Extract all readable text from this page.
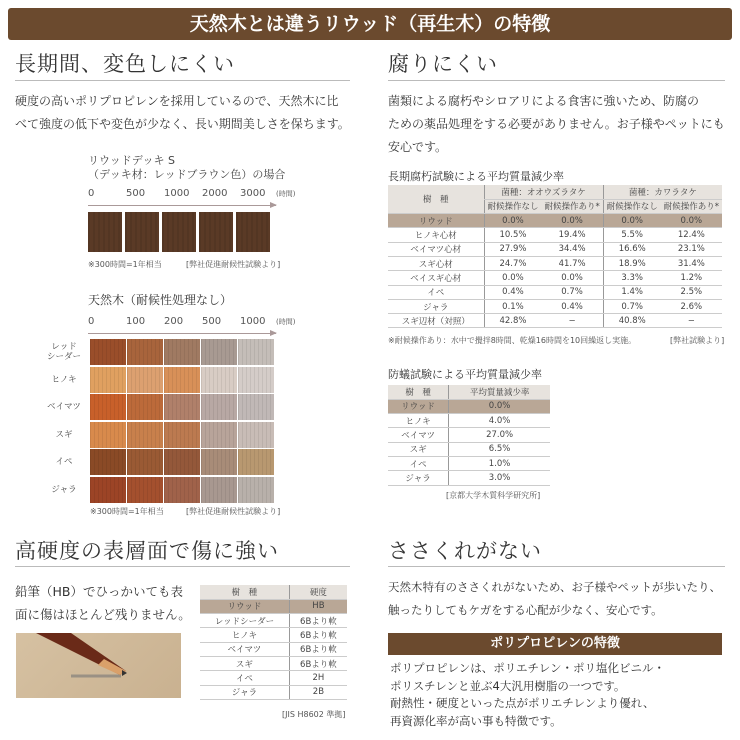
天然木とは違うリウッド（再生木）の特徴
長期間、変色しにくい
硬度の高いポリプロピレンを採用しているので、天然木に比
べて強度の低下や変色が少なく、長い期間美しさを保ちます。
リウッドデッキ S
（デッキ材：レッドブラウン色）の場合
0	500 1000 2000 3000 (時間)
※300時間=1年相当	[弊社促進耐候性試験より]
天然木（耐候性処理なし）
0	100 200 500 1000 (時間)
レッド
シーダー
ヒノキ
ベイマツ
スギ
イペ
ジャラ
※300時間=1年相当	[弊社促進耐候性試験より]
高硬度の表層面で傷に強い
鉛筆（HB）でひっかいても表
面に傷はほとんど残りません。
樹　種	硬度
リウッド	HB
レッドシーダー	6Bより軟
ヒノキ	6Bより軟
ベイマツ	6Bより軟
スギ	6Bより軟
イペ	2H
ジャラ	2B
[JIS H8602 準拠]
腐りにくい
菌類による腐朽やシロアリによる食害に強いため、防腐の
ための薬品処理をする必要がありません。お子様やペットにも
安心です。
長期腐朽試験による平均質量減少率
樹　種	菌種：オオウズラタケ		菌種：カワラタケ	
	耐候操作なし	耐候操作あり*	耐候操作なし	耐候操作あり*
リウッド	0.0%	0.0%	0.0%	0.0%
ヒノキ心材	10.5%	19.4%	5.5%	12.4%
ベイマツ心材	27.9%	34.4%	16.6%	23.1%
スギ心材	24.7%	41.7%	18.9%	31.4%
ベイスギ心材	0.0%	0.0%	3.3%	1.2%
イペ	0.4%	0.7%	1.4%	2.5%
ジャラ	0.1%	0.4%	0.7%	2.6%
スギ辺材（対照）	42.8%	−	40.8%	−
※耐候操作あり：水中で攪拌8時間、乾燥16時間を10回繰返し実施。	[弊社試験より]
防蟻試験による平均質量減少率
樹　種	平均質量減少率
リウッド	0.0%
ヒノキ	4.0%
ベイマツ	27.0%
スギ	6.5%
イペ	1.0%
ジャラ	3.0%
[京都大学木質科学研究所]
ささくれがない
天然木特有のささくれがないため、お子様やペットが歩いたり、
触ったりしてもケガをする心配が少なく、安心です。
ポリプロピレンの特徴
ポリプロピレンは、ポリエチレン・ポリ塩化ビニル・
ポリスチレンと並ぶ4大汎用樹脂の一つです。
耐熱性・硬度といった点がポリエチレンより優れ、
再資源化率が高い事も特徴です。
